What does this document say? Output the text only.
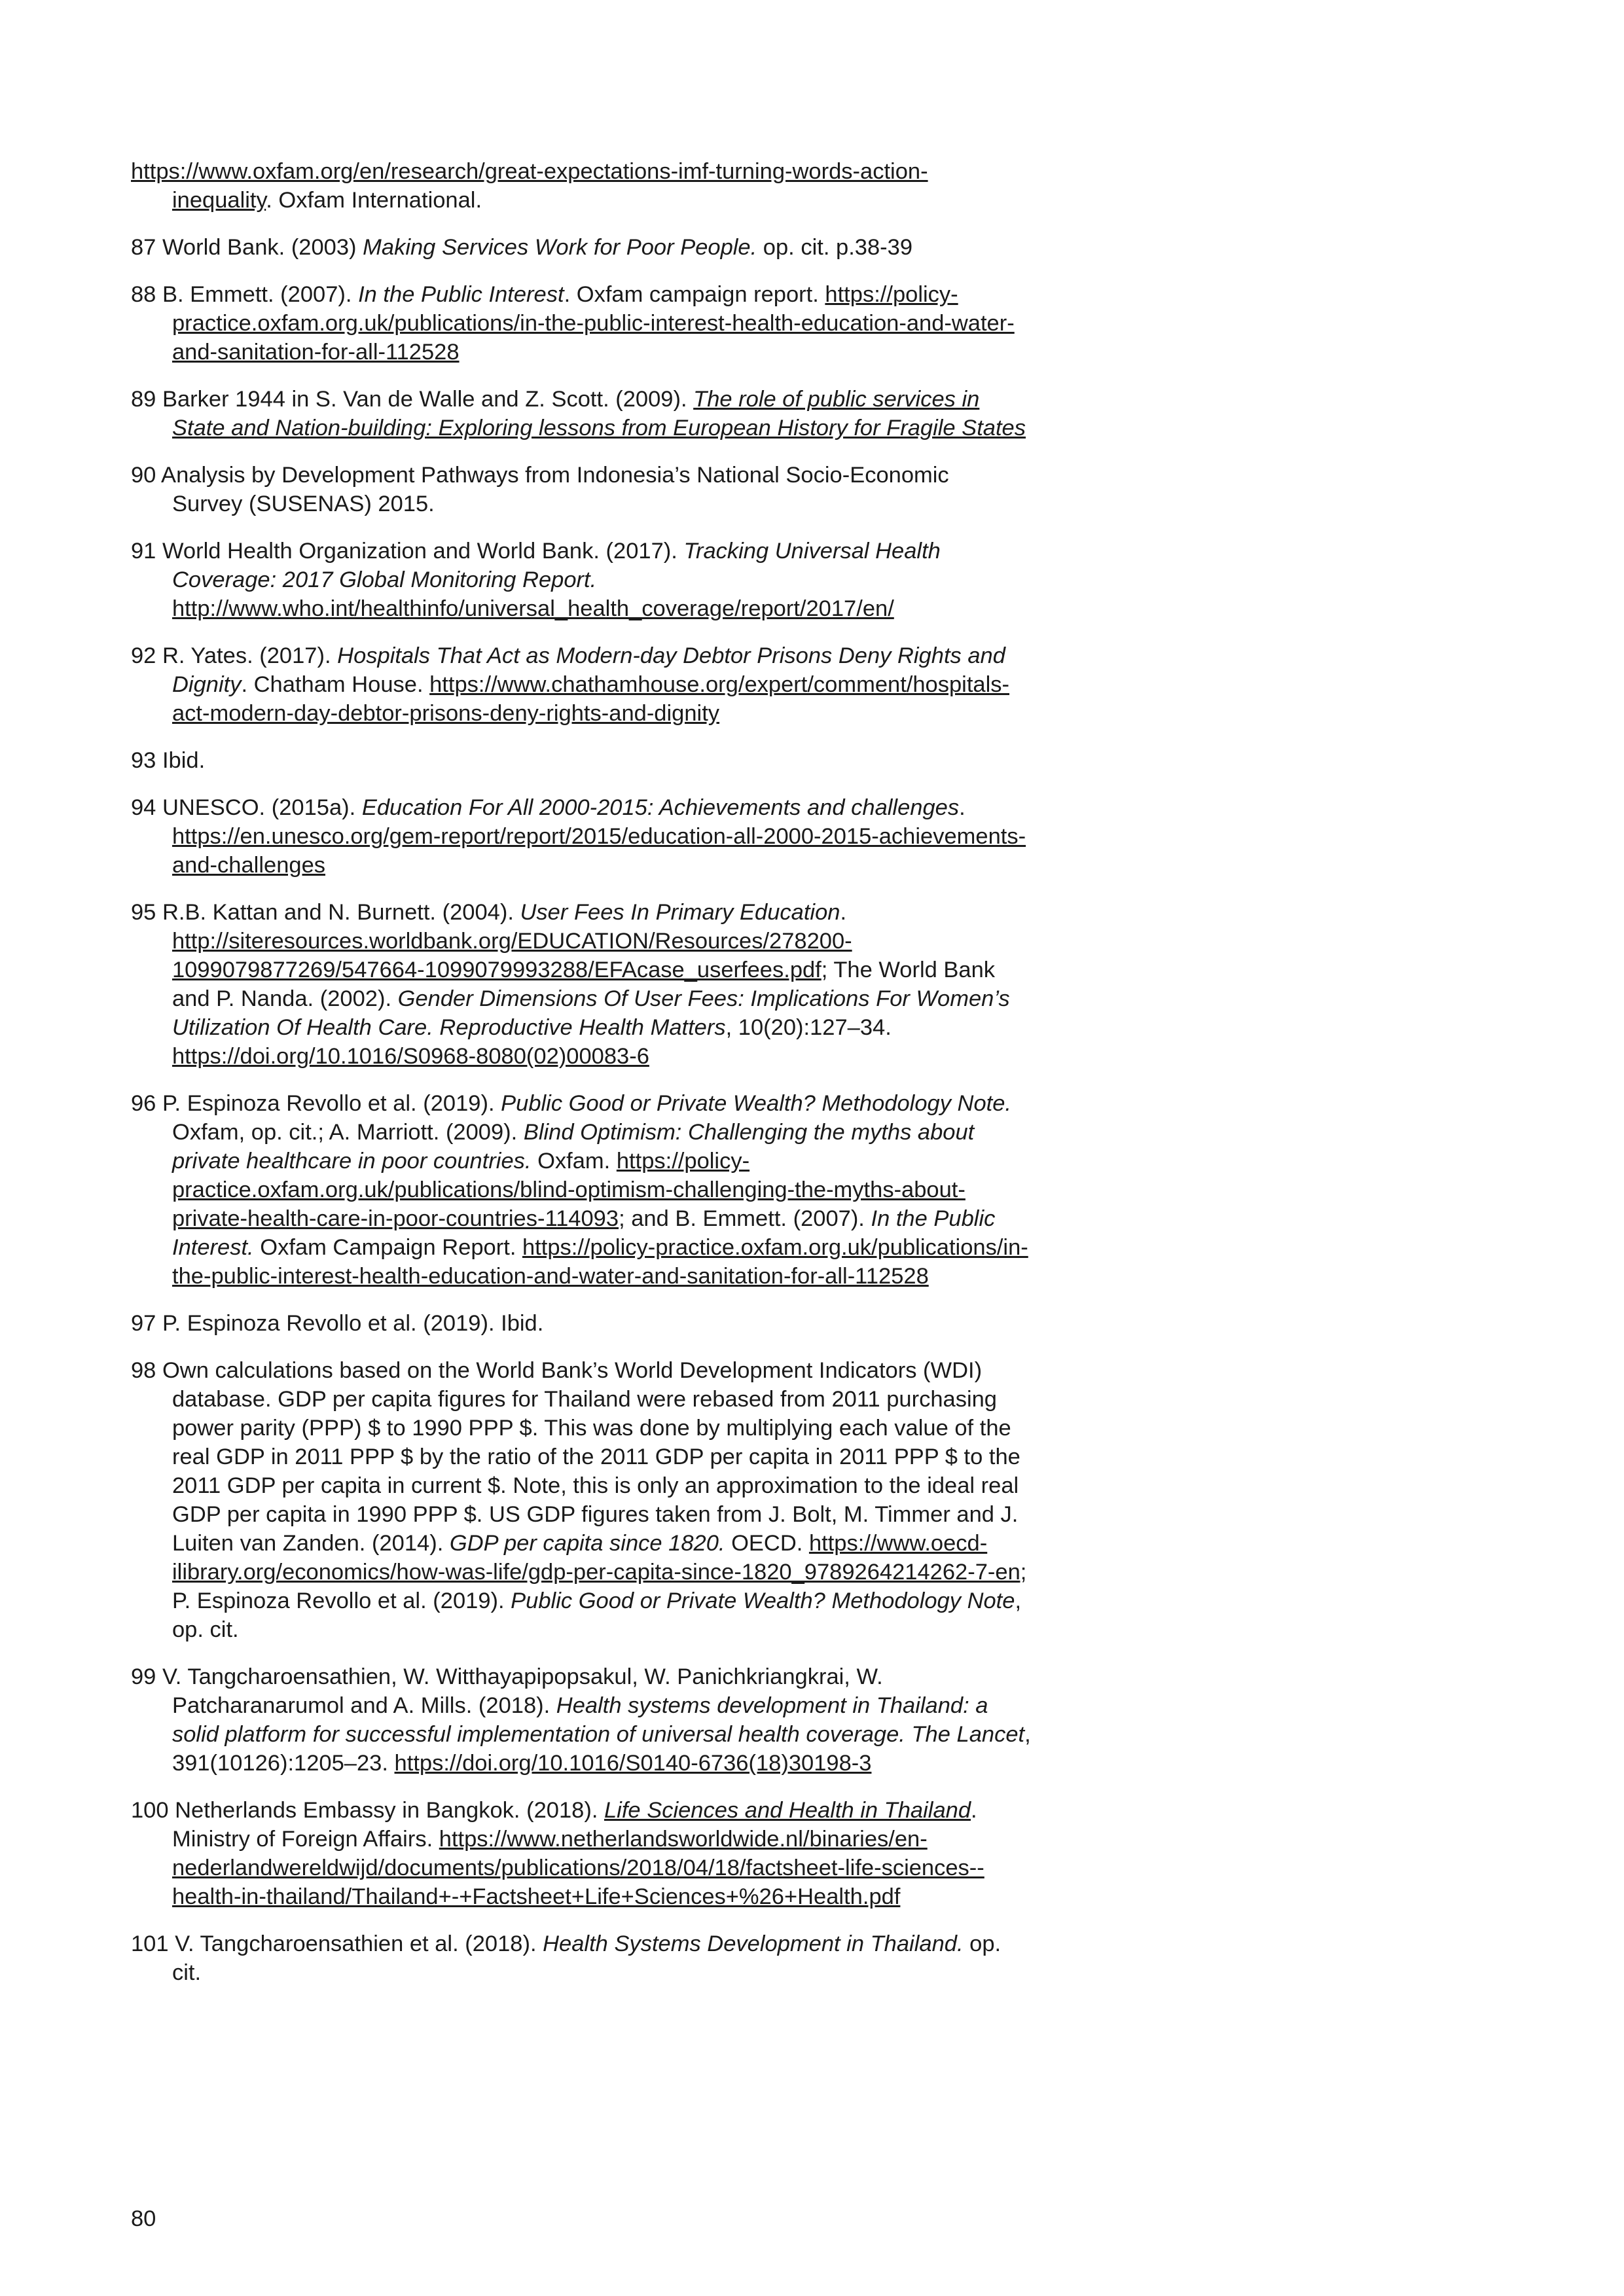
https://www.oxfam.org/en/research/great-expectations-imf-turning-words-action-
inequality. Oxfam International.

87 World Bank. (2003) Making Services Work for Poor People. op. cit. p.38-39

88 B. Emmett. (2007). In the Public Interest. Oxfam campaign report. https://policy-
practice.oxfam.org.uk/publications/in-the-public-interest-health-education-and-water-
and-sanitation-for-all-112528

89 Barker 1944 in S. Van de Walle and Z. Scott. (2009). The role of public services in
State and Nation-building: Exploring lessons from European History for Fragile States

90 Analysis by Development Pathways from Indonesia’s National Socio-Economic
Survey (SUSENAS) 2015.

91 World Health Organization and World Bank. (2017). Tracking Universal Health
Coverage: 2017 Global Monitoring Report.
http://www.who.int/healthinfo/universal_health_coverage/report/2017/en/

92 R. Yates. (2017). Hospitals That Act as Modern-day Debtor Prisons Deny Rights and
Dignity. Chatham House. https://www.chathamhouse.org/expert/comment/hospitals-
act-modern-day-debtor-prisons-deny-rights-and-dignity

93 Ibid.

94 UNESCO. (2015a). Education For All 2000-2015: Achievements and challenges.
https://en.unesco.org/gem-report/report/2015/education-all-2000-2015-achievements-
and-challenges

95 R.B. Kattan and N. Burnett. (2004). User Fees In Primary Education.
http://siteresources.worldbank.org/EDUCATION/Resources/278200-
1099079877269/547664-1099079993288/EFAcase_userfees.pdf; The World Bank
and P. Nanda. (2002). Gender Dimensions Of User Fees: Implications For Women’s
Utilization Of Health Care. Reproductive Health Matters, 10(20):127–34.
https://doi.org/10.1016/S0968-8080(02)00083-6

96 P. Espinoza Revollo et al. (2019). Public Good or Private Wealth? Methodology Note.
Oxfam, op. cit.; A. Marriott. (2009). Blind Optimism: Challenging the myths about
private healthcare in poor countries. Oxfam. https://policy-
practice.oxfam.org.uk/publications/blind-optimism-challenging-the-myths-about-
private-health-care-in-poor-countries-114093; and B. Emmett. (2007). In the Public
Interest. Oxfam Campaign Report. https://policy-practice.oxfam.org.uk/publications/in-
the-public-interest-health-education-and-water-and-sanitation-for-all-112528

97 P. Espinoza Revollo et al. (2019). Ibid.

98 Own calculations based on the World Bank’s World Development Indicators (WDI)
database. GDP per capita figures for Thailand were rebased from 2011 purchasing
power parity (PPP) $ to 1990 PPP $. This was done by multiplying each value of the
real GDP in 2011 PPP $ by the ratio of the 2011 GDP per capita in 2011 PPP $ to the
2011 GDP per capita in current $. Note, this is only an approximation to the ideal real
GDP per capita in 1990 PPP $. US GDP figures taken from J. Bolt, M. Timmer and J.
Luiten van Zanden. (2014). GDP per capita since 1820. OECD. https://www.oecd-
ilibrary.org/economics/how-was-life/gdp-per-capita-since-1820_9789264214262-7-en;
P. Espinoza Revollo et al. (2019). Public Good or Private Wealth? Methodology Note,
op. cit.

99 V. Tangcharoensathien, W. Witthayapipopsakul, W. Panichkriangkrai, W.
Patcharanarumol and A. Mills. (2018). Health systems development in Thailand: a
solid platform for successful implementation of universal health coverage. The Lancet,
391(10126):1205–23. https://doi.org/10.1016/S0140-6736(18)30198-3

100 Netherlands Embassy in Bangkok. (2018). Life Sciences and Health in Thailand.
Ministry of Foreign Affairs. https://www.netherlandsworldwide.nl/binaries/en-
nederlandwereldwijd/documents/publications/2018/04/18/factsheet-life-sciences--
health-in-thailand/Thailand+-+Factsheet+Life+Sciences+%26+Health.pdf

101 V. Tangcharoensathien et al. (2018). Health Systems Development in Thailand. op.
cit.

80
